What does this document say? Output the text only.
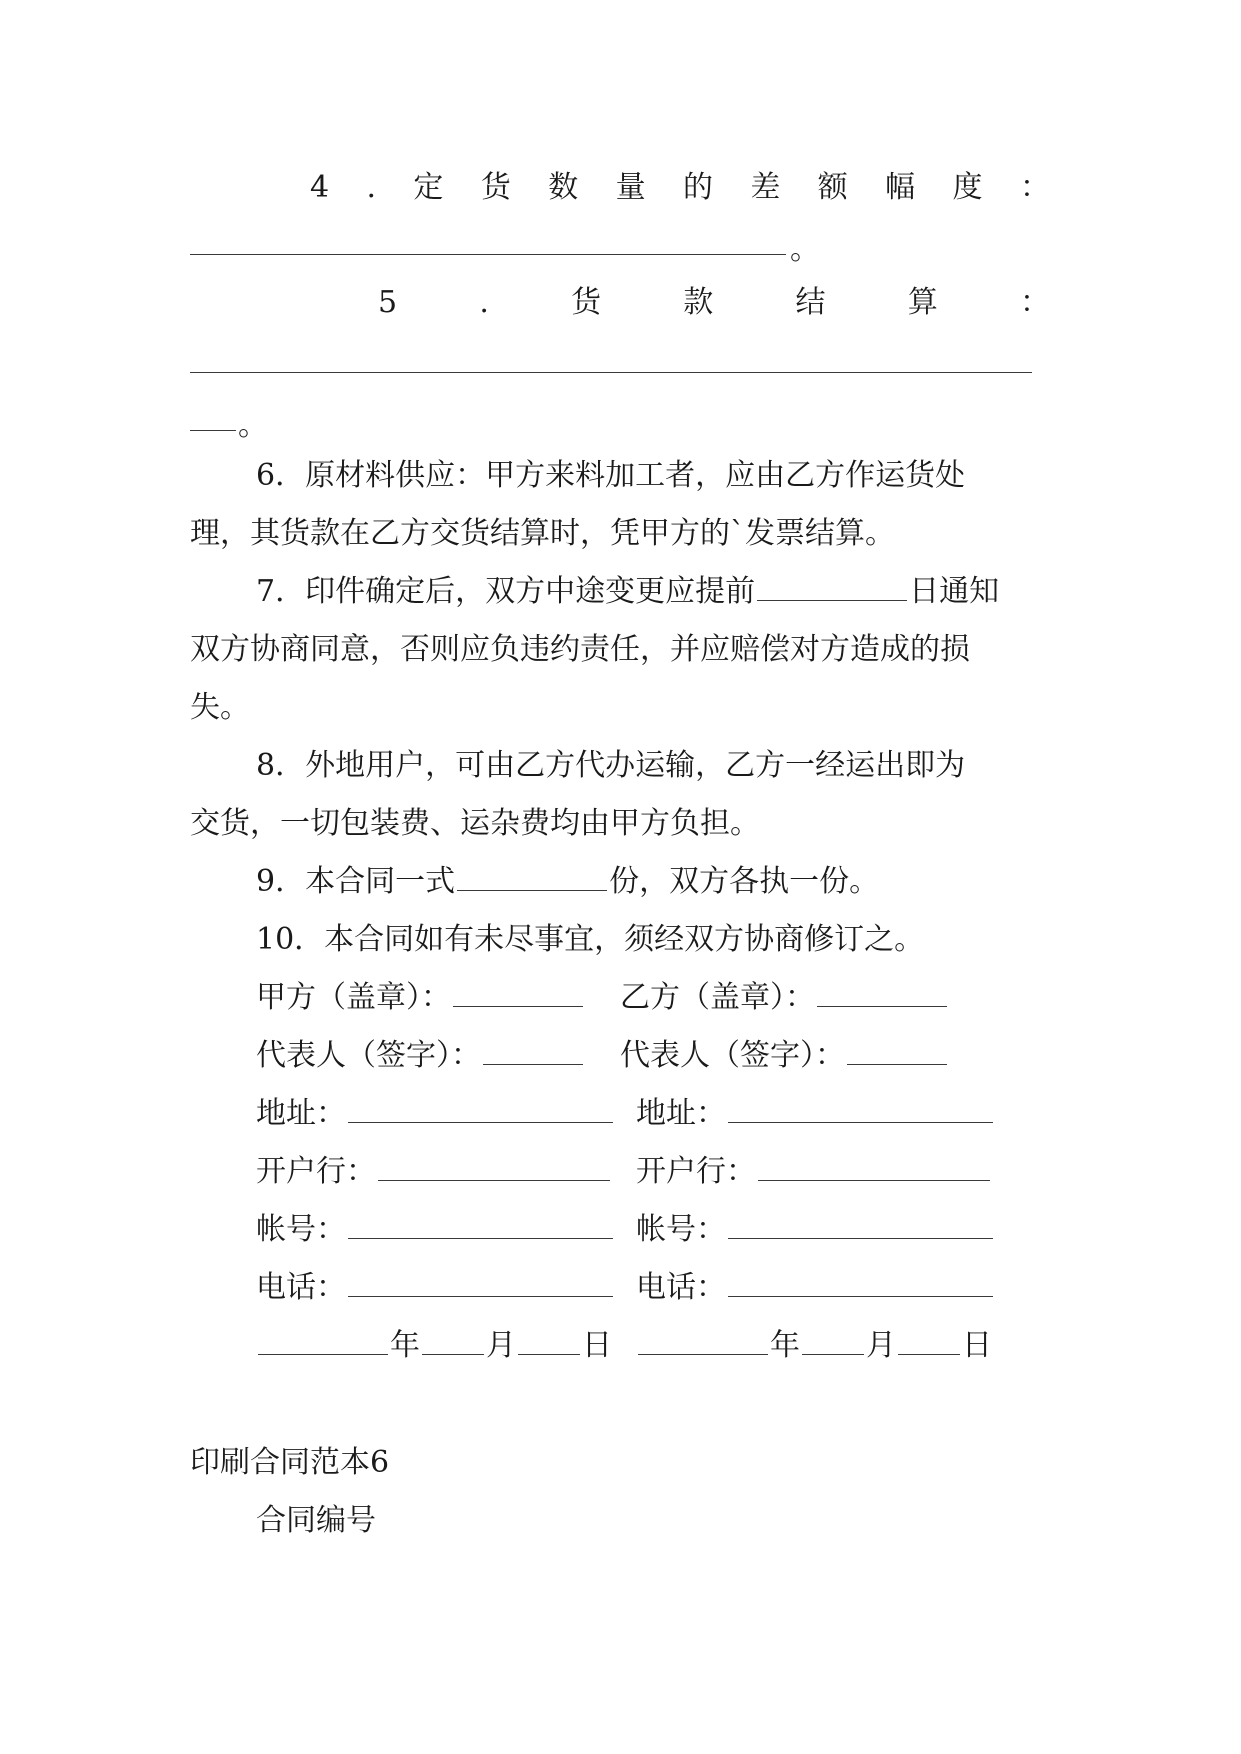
4 . 定 货 数 量 的 差 额 幅 度 ：
。
5	.	货	款	结	算	：
。
6．原材料供应：甲方来料加工者，应由乙方作运货处
理，其货款在乙方交货结算时，凭甲方的`发票结算。
7．印件确定后，双方中途变更应提前	日通知
双方协商同意，否则应负违约责任，并应赔偿对方造成的损
失。
8．外地用户，可由乙方代办运输，乙方一经运出即为
交货，一切包装费、运杂费均由甲方负担。
9．本合同一式	份，双方各执一份。
10．本合同如有未尽事宜，须经双方协商修订之。
甲方（盖章）：	乙方（盖章）：
代表人（签字）：	代表人（签字）：
地址：	地址：
开户行：	开户行：
帐号：	帐号：
电话：	电话：
年 月 日	年 月 日
印刷合同范本6
合同编号
